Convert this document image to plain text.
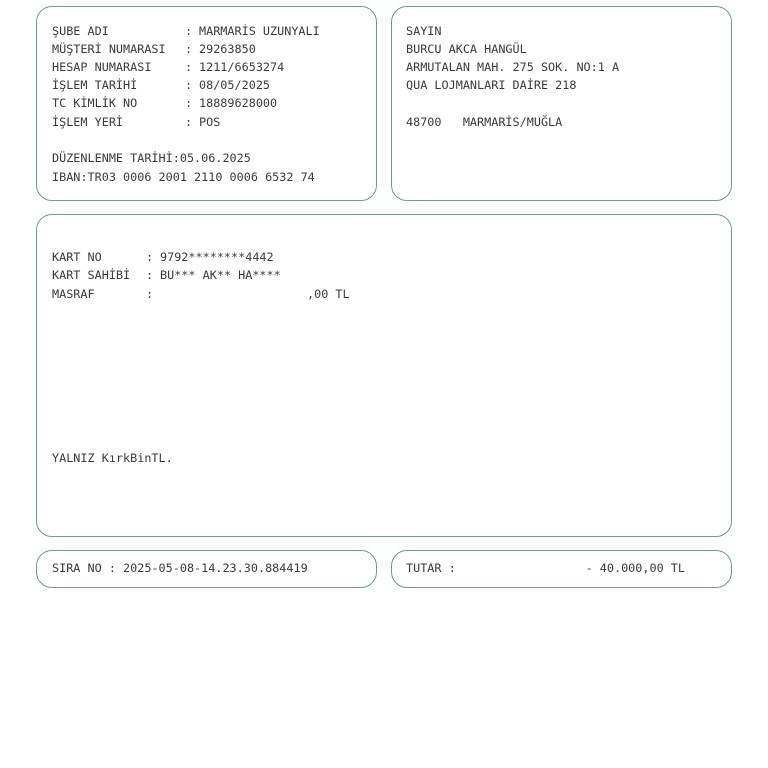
ŞUBE ADI	: MARMARİS UZUNYALI
MÜŞTERİ NUMARASI : 29263850
HESAP NUMARASI	: 1211/6653274
İŞLEM TARİHİ	: 08/05/2025
TC KİMLİK NO	: 18889628000
İŞLEM YERİ	: POS
DÜZENLENME TARİHİ:05.06.2025
IBAN:TR03 0006 2001 2110 0006 6532 74
SAYIN
BURCU AKCA HANGÜL
ARMUTALAN MAH. 275 SOK. NO:1 A
QUA LOJMANLARI DAİRE 218
48700   MARMARİS/MUĞLA
KART NO	: 9792********4442
KART SAHİBİ : BU*** AK** HA****
MASRAF	:	,00 TL
YALNIZ KırkBinTL.
SIRA NO : 2025-05-08-14.23.30.884419	TUTAR :	- 40.000,00 TL
